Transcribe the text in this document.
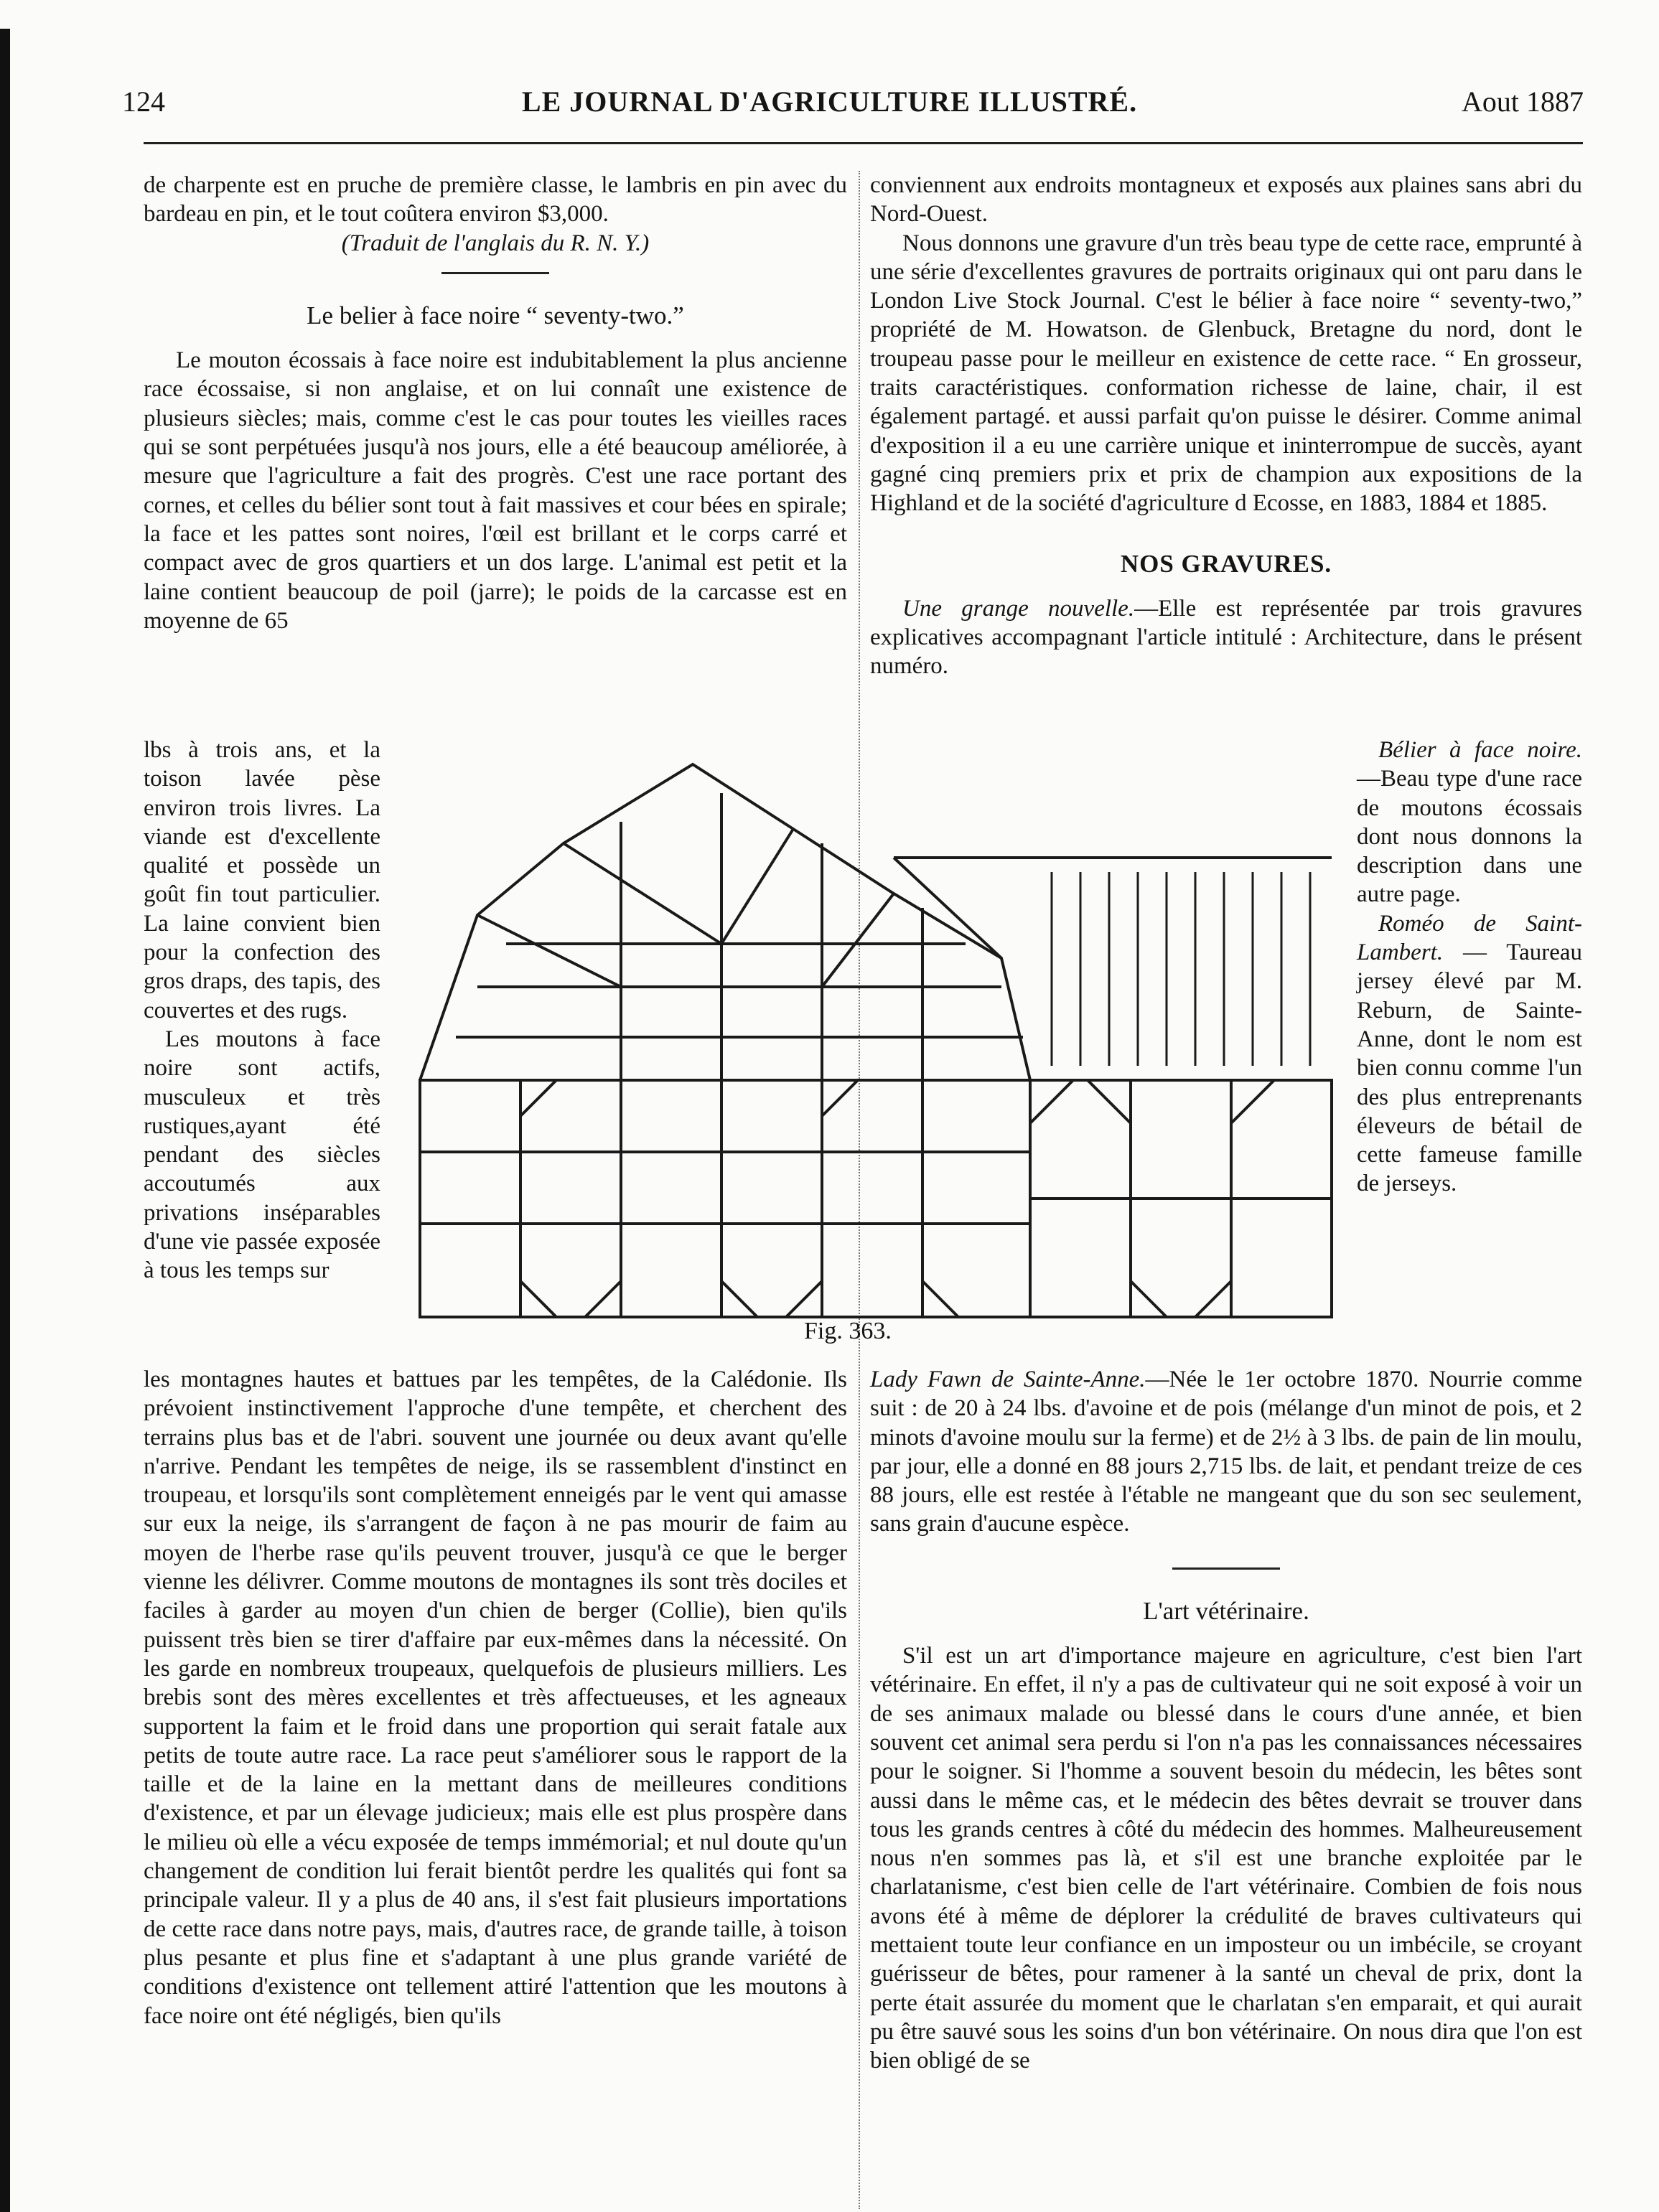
124	LE JOURNAL D'AGRICULTURE ILLUSTRÉ.	Aout 1887

de charpente est en pruche de première classe, le lambris en pin avec du bardeau en pin, et le tout coûtera environ $3,000.

(Traduit de l'anglais du R. N. Y.)

Le belier à face noire “ seventy-two.”

Le mouton écossais à face noire est indubitablement la plus ancienne race écossaise, si non anglaise, et on lui connaît une existence de plusieurs siècles; mais, comme c'est le cas pour toutes les vieilles races qui se sont perpétuées jusqu'à nos jours, elle a été beaucoup améliorée, à mesure que l'agriculture a fait des progrès. C'est une race portant des cornes, et celles du bélier sont tout à fait massives et cour bées en spirale; la face et les pattes sont noires, l'œil est brillant et le corps carré et compact avec de gros quartiers et un dos large. L'animal est petit et la laine contient beaucoup de poil (jarre); le poids de la carcasse est en moyenne de 65

conviennent aux endroits montagneux et exposés aux plaines sans abri du Nord-Ouest.

Nous donnons une gravure d'un très beau type de cette race, emprunté à une série d'excellentes gravures de portraits originaux qui ont paru dans le London Live Stock Journal. C'est le bélier à face noire “ seventy-two,” propriété de M. Howatson. de Glenbuck, Bretagne du nord, dont le troupeau passe pour le meilleur en existence de cette race. “ En grosseur, traits caractéristiques. conformation richesse de laine, chair, il est également partagé. et aussi parfait qu'on puisse le désirer. Comme animal d'exposition il a eu une carrière unique et ininterrompue de succès, ayant gagné cinq premiers prix et prix de champion aux expositions de la Highland et de la société d'agriculture d Ecosse, en 1883, 1884 et 1885.

NOS GRAVURES.

Une grange nouvelle.—Elle est représentée par trois gravures explicatives accompagnant l'article intitulé : Architecture, dans le présent numéro.

lbs à trois ans, et la toison lavée pèse environ trois livres. La viande est d'excellente qualité et possède un goût fin tout particulier. La laine convient bien pour la confection des gros draps, des tapis, des couvertes et des rugs.

Les moutons à face noire sont actifs, musculeux et très rustiques,ayant été pendant des siècles accoutumés aux privations inséparables d'une vie passée exposée à tous les temps sur

Bélier à face noire.—Beau type d'une race de moutons écossais dont nous donnons la description dans une autre page.

Roméo de Saint-Lambert. — Taureau jersey élevé par M. Reburn, de Sainte-Anne, dont le nom est bien connu comme l'un des plus entreprenants éleveurs de bétail de cette fameuse famille de jerseys.

Fig. 363.

les montagnes hautes et battues par les tempêtes, de la Calédonie. Ils prévoient instinctivement l'approche d'une tempête, et cherchent des terrains plus bas et de l'abri. souvent une journée ou deux avant qu'elle n'arrive. Pendant les tempêtes de neige, ils se rassemblent d'instinct en troupeau, et lorsqu'ils sont complètement enneigés par le vent qui amasse sur eux la neige, ils s'arrangent de façon à ne pas mourir de faim au moyen de l'herbe rase qu'ils peuvent trouver, jusqu'à ce que le berger vienne les délivrer. Comme moutons de montagnes ils sont très dociles et faciles à garder au moyen d'un chien de berger (Collie), bien qu'ils puissent très bien se tirer d'affaire par eux-mêmes dans la nécessité. On les garde en nombreux troupeaux, quelquefois de plusieurs milliers. Les brebis sont des mères excellentes et très affectueuses, et les agneaux supportent la faim et le froid dans une proportion qui serait fatale aux petits de toute autre race. La race peut s'améliorer sous le rapport de la taille et de la laine en la mettant dans de meilleures conditions d'existence, et par un élevage judicieux; mais elle est plus prospère dans le milieu où elle a vécu exposée de temps immémorial; et nul doute qu'un changement de condition lui ferait bientôt perdre les qualités qui font sa principale valeur. Il y a plus de 40 ans, il s'est fait plusieurs importations de cette race dans notre pays, mais, d'autres race, de grande taille, à toison plus pesante et plus fine et s'adaptant à une plus grande variété de conditions d'existence ont tellement attiré l'attention que les moutons à face noire ont été négligés, bien qu'ils

Lady Fawn de Sainte-Anne.—Née le 1er octobre 1870. Nourrie comme suit : de 20 à 24 lbs. d'avoine et de pois (mélange d'un minot de pois, et 2 minots d'avoine moulu sur la ferme) et de 2½ à 3 lbs. de pain de lin moulu, par jour, elle a donné en 88 jours 2,715 lbs. de lait, et pendant treize de ces 88 jours, elle est restée à l'étable ne mangeant que du son sec seulement, sans grain d'aucune espèce.

L'art vétérinaire.

S'il est un art d'importance majeure en agriculture, c'est bien l'art vétérinaire. En effet, il n'y a pas de cultivateur qui ne soit exposé à voir un de ses animaux malade ou blessé dans le cours d'une année, et bien souvent cet animal sera perdu si l'on n'a pas les connaissances nécessaires pour le soigner. Si l'homme a souvent besoin du médecin, les bêtes sont aussi dans le même cas, et le médecin des bêtes devrait se trouver dans tous les grands centres à côté du médecin des hommes. Malheureusement nous n'en sommes pas là, et s'il est une branche exploitée par le charlatanisme, c'est bien celle de l'art vétérinaire. Combien de fois nous avons été à même de déplorer la crédulité de braves cultivateurs qui mettaient toute leur confiance en un imposteur ou un imbécile, se croyant guérisseur de bêtes, pour ramener à la santé un cheval de prix, dont la perte était assurée du moment que le charlatan s'en emparait, et qui aurait pu être sauvé sous les soins d'un bon vétérinaire. On nous dira que l'on est bien obligé de se
